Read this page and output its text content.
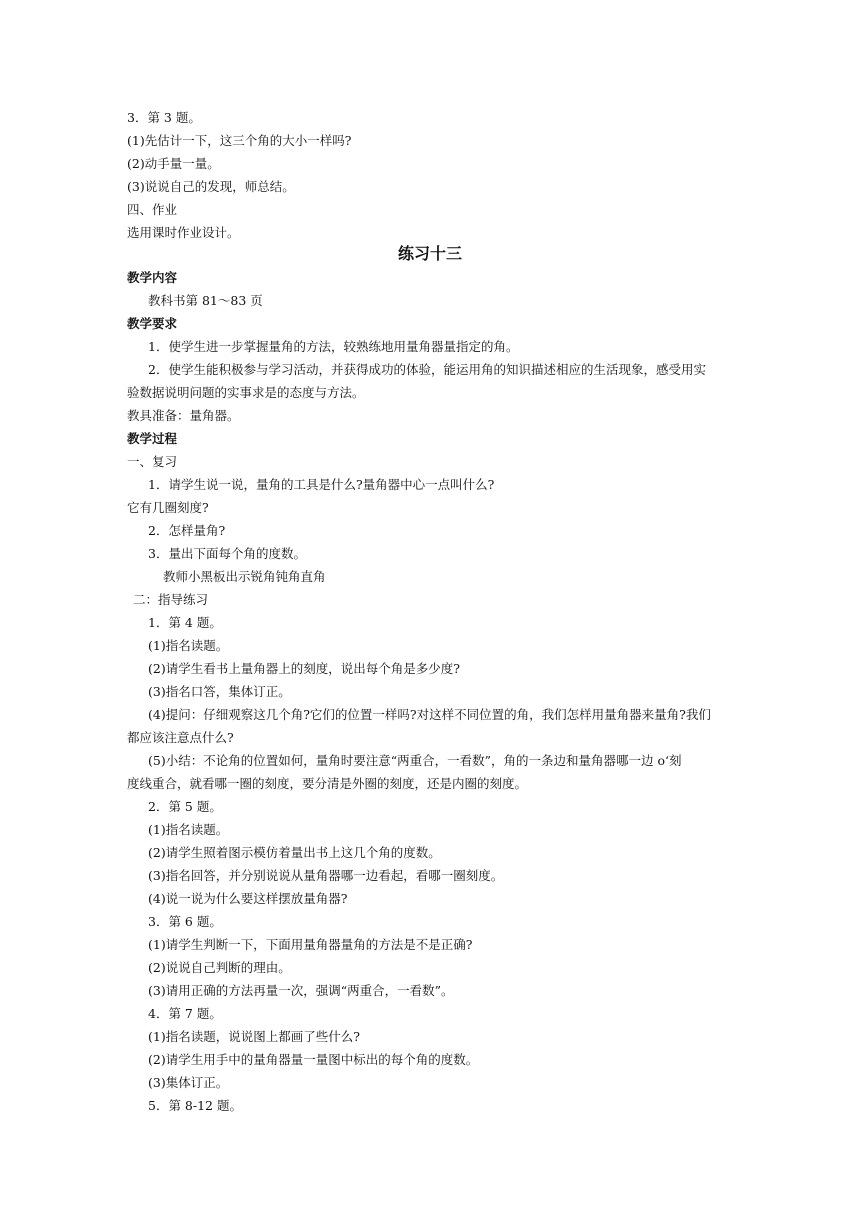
3．第 3 题。
(1)先估计一下，这三个角的大小一样吗?
(2)动手量一量。
(3)说说自己的发现，师总结。
四、作业
选用课时作业设计。
练习十三
教学内容
教科书第 81～83 页
教学要求
1．使学生进一步掌握量角的方法，较熟练地用量角器量指定的角。
2．使学生能积极参与学习活动，并获得成功的体验，能运用角的知识描述相应的生活现象，感受用实
验数据说明问题的实事求是的态度与方法。
教具准备：量角器。
教学过程
一、复习
1．请学生说一说，量角的工具是什么?量角器中心一点叫什么?
它有几圈刻度?
2．怎样量角?
3．量出下面每个角的度数。
教师小黑板出示锐角钝角直角
二：指导练习
1．第 4 题。
(1)指名读题。
(2)请学生看书上量角器上的刻度，说出每个角是多少度?
(3)指名口答，集体订正。
(4)提问：仔细观察这几个角?它们的位置一样吗?对这样不同位置的角，我们怎样用量角器来量角?我们
都应该注意点什么?
(5)小结：不论角的位置如何，量角时要注意“两重合，一看数”，角的一条边和量角器哪一边 o‘刻
度线重合，就看哪一圈的刻度，要分清是外圈的刻度，还是内圈的刻度。
2．第 5 题。
(1)指名读题。
(2)请学生照着图示模仿着量出书上这几个角的度数。
(3)指名回答，并分别说说从量角器哪一边看起，看哪一圈刻度。
(4)说一说为什么要这样摆放量角器?
3．第 6 题。
(1)请学生判断一下，下面用量角器量角的方法是不是正确?
(2)说说自己判断的理由。
(3)请用正确的方法再量一次，强调“两重合，一看数”。
4．第 7 题。
(1)指名读题，说说图上都画了些什么?
(2)请学生用手中的量角器量一量图中标出的每个角的度数。
(3)集体订正。
5．第 8-12 题。
